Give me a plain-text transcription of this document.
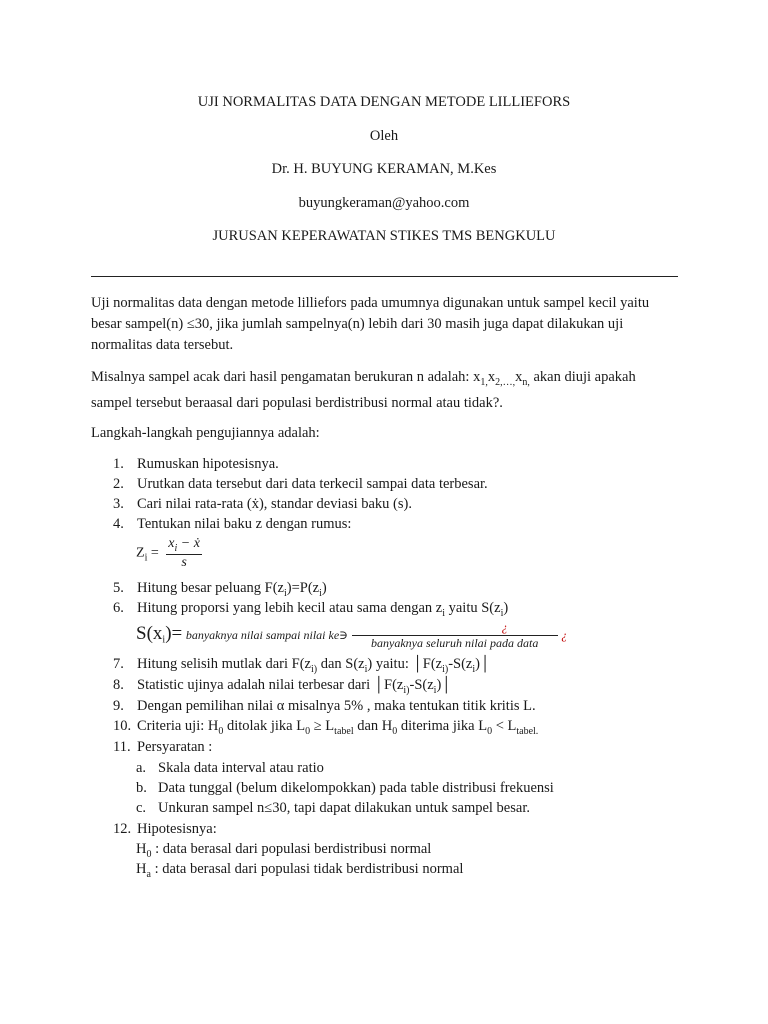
UJI NORMALITAS DATA DENGAN METODE LILLIEFORS
Oleh
Dr. H. BUYUNG KERAMAN, M.Kes
buyungkeraman@yahoo.com
JURUSAN KEPERAWATAN STIKES TMS BENGKULU
Uji normalitas data dengan metode lilliefors pada umumnya digunakan untuk sampel kecil yaitu
besar sampel(n) ≤30, jika jumlah sampelnya(n) lebih dari 30 masih juga dapat dilakukan uji
normalitas data tersebut.
Misalnya sampel acak dari hasil pengamatan berukuran n adalah: $x_{1,}x_{2,\dots,}x_{n,}$ akan diuji apakah
sampel tersebut beraasal dari populasi berdistribusi normal atau tidak?.
Langkah-langkah pengujiannya adalah:
1. Rumuskan hipotesisnya.
2. Urutkan data tersebut dari data terkecil sampai data terbesar.
3. Cari nilai rata-rata (ẋ), standar deviasi baku (s).
4. Tentukan nilai baku z dengan rumus:
$Z_i = \frac{x_i - ẋ}{s}$
5. Hitung besar peluang $F(z_i)=P(z_i)$
6. Hitung proporsi yang lebih kecil atau sama dengan $z_i$ yaitu $S(z_i)$
$S(x_i)=$ banyaknya nilai sampai nilai ke∋ $\frac{¿}{\text{banyaknya seluruh nilai pada data}}$ ¿
7. Hitung selisih mutlak dari $F(z_{i)}$ dan $S(z_i)$ yaitu: $│F(z_{i)}-S(z_i)│$
8. Statistic ujinya adalah nilai terbesar dari $│F(z_{i)}-S(z_i)│$
9. Dengan pemilihan nilai α misalnya 5% , maka tentukan titik kritis L.
10. Criteria uji: $H_0$ ditolak jika $L_0 \ge L_{tabel}$ dan $H_0$ diterima jika $L_0 < L_{tabel.}$
11. Persyaratan :
a. Skala data interval atau ratio
b. Data tunggal (belum dikelompokkan) pada table distribusi frekuensi
c. Unkuran sampel n≤30, tapi dapat dilakukan untuk sampel besar.
12. Hipotesisnya:
$H_0$ : data berasal dari populasi berdistribusi normal
$H_a$ : data berasal dari populasi tidak berdistribusi normal
